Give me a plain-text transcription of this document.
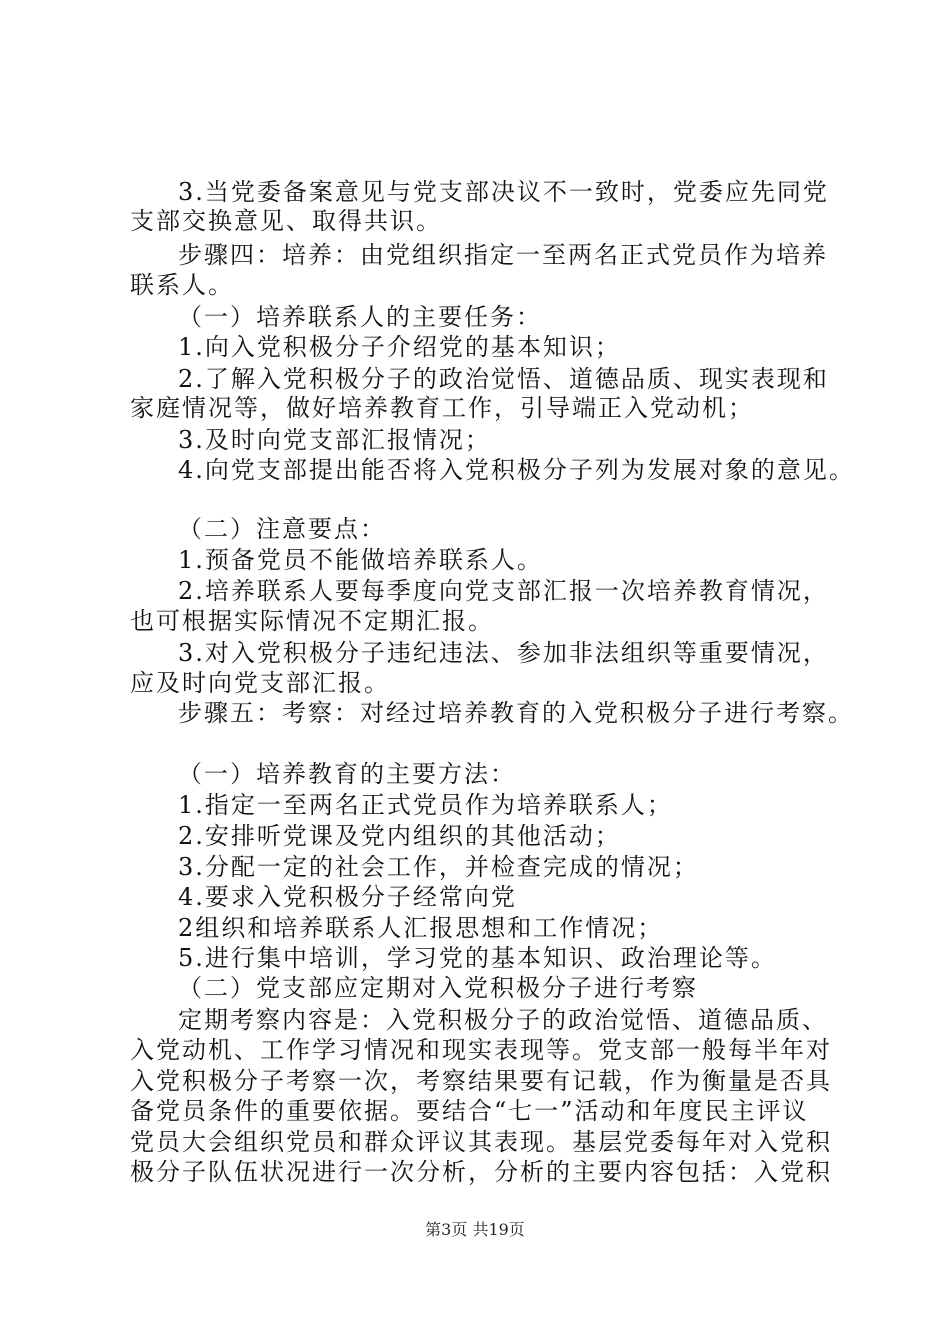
3.当党委备案意见与党支部决议不一致时，党委应先同党
支部交换意见、取得共识。
步骤四：培养：由党组织指定一至两名正式党员作为培养
联系人。
（一）培养联系人的主要任务：
1.向入党积极分子介绍党的基本知识；
2.了解入党积极分子的政治觉悟、道德品质、现实表现和
家庭情况等，做好培养教育工作，引导端正入党动机；
3.及时向党支部汇报情况；
4.向党支部提出能否将入党积极分子列为发展对象的意见。
（二）注意要点：
1.预备党员不能做培养联系人。
2.培养联系人要每季度向党支部汇报一次培养教育情况，
也可根据实际情况不定期汇报。
3.对入党积极分子违纪违法、参加非法组织等重要情况，
应及时向党支部汇报。
步骤五：考察：对经过培养教育的入党积极分子进行考察。
（一）培养教育的主要方法：
1.指定一至两名正式党员作为培养联系人；
2.安排听党课及党内组织的其他活动；
3.分配一定的社会工作，并检查完成的情况；
4.要求入党积极分子经常向党
2组织和培养联系人汇报思想和工作情况；
5.进行集中培训，学习党的基本知识、政治理论等。
（二）党支部应定期对入党积极分子进行考察
定期考察内容是：入党积极分子的政治觉悟、道德品质、
入党动机、工作学习情况和现实表现等。党支部一般每半年对
入党积极分子考察一次，考察结果要有记载，作为衡量是否具
备党员条件的重要依据。要结合“七一”活动和年度民主评议
党员大会组织党员和群众评议其表现。基层党委每年对入党积
极分子队伍状况进行一次分析，分析的主要内容包括：入党积
第3页 共19页
